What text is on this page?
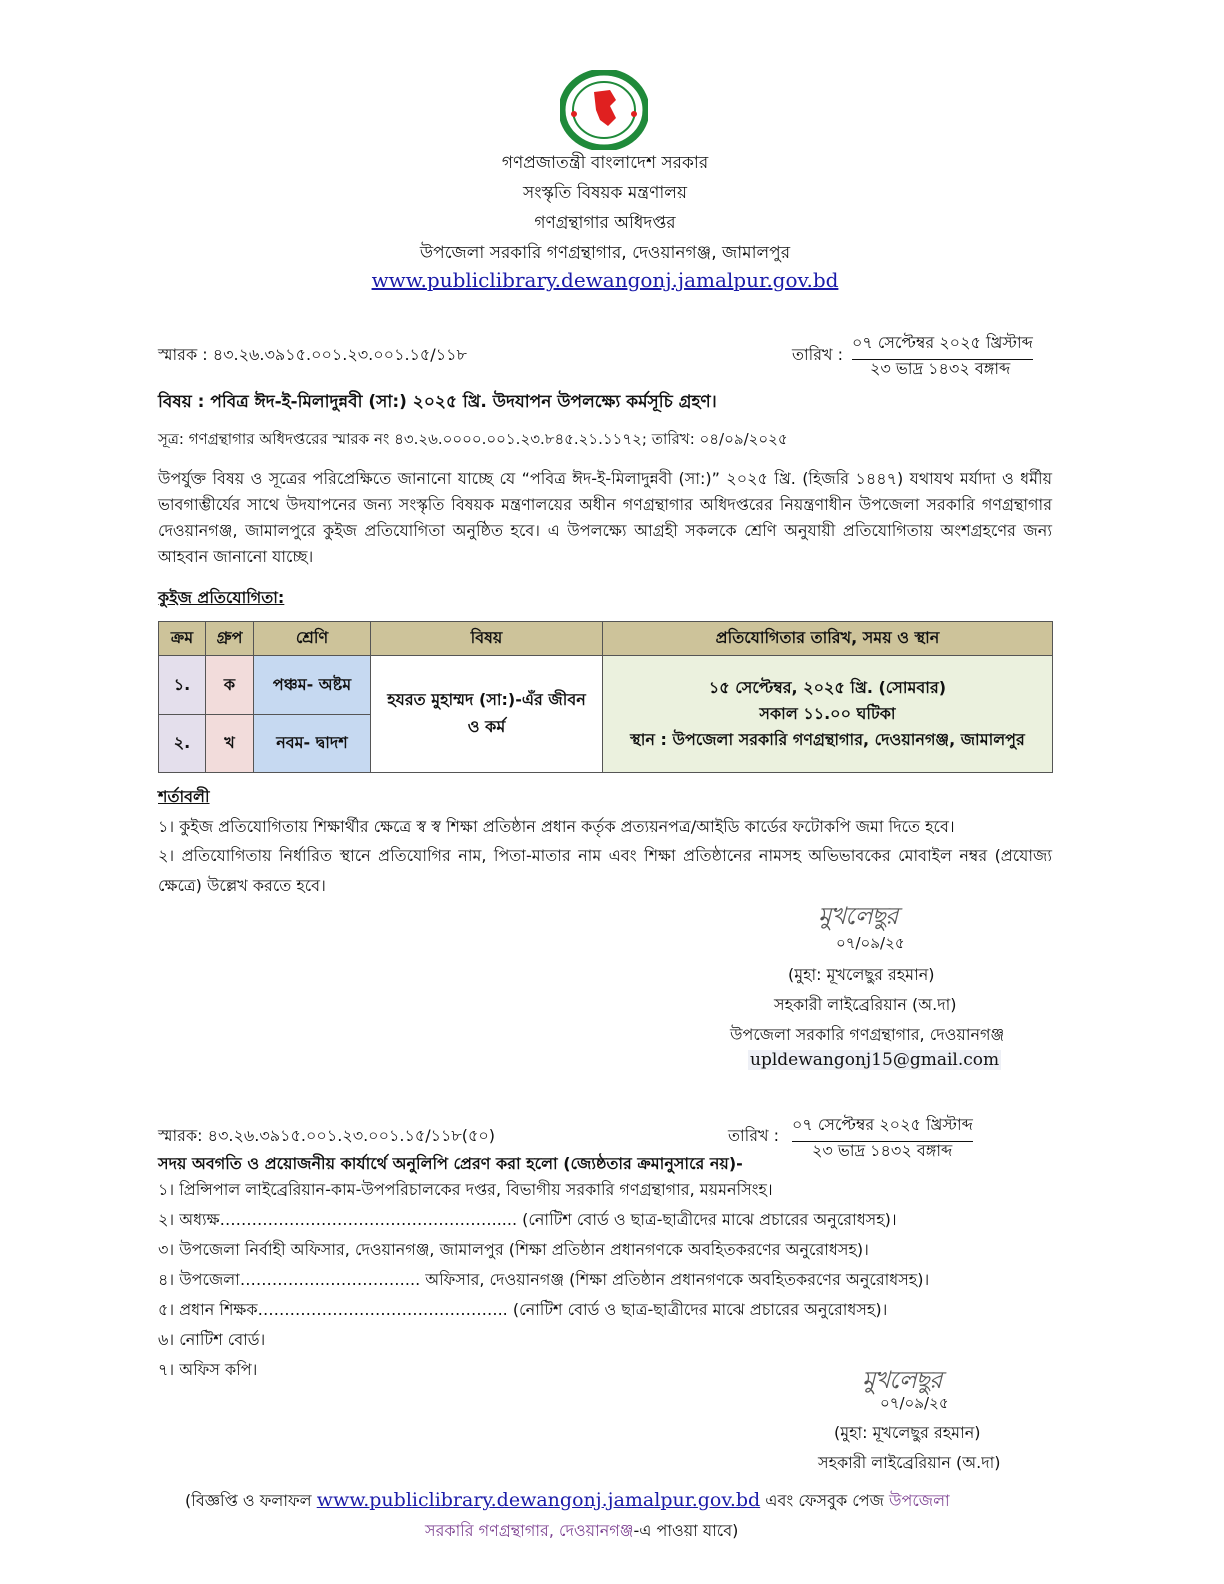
গণপ্রজাতন্ত্রী বাংলাদেশ সরকার
সংস্কৃতি বিষয়ক মন্ত্রণালয়
গণগ্রন্থাগার অধিদপ্তর
উপজেলা সরকারি গণগ্রন্থাগার, দেওয়ানগঞ্জ, জামালপুর
www.publiclibrary.dewangonj.jamalpur.gov.bd
স্মারক : ৪৩.২৬.৩৯১৫.০০১.২৩.০০১.১৫/১১৮	তারিখ :
০৭ সেপ্টেম্বর ২০২৫ খ্রিস্টাব্দ
২৩ ভাদ্র ১৪৩২ বঙ্গাব্দ
বিষয় : পবিত্র ঈদ-ই-মিলাদুন্নবী (সা:) ২০২৫ খ্রি. উদযাপন উপলক্ষ্যে কর্মসূচি গ্রহণ।
সূত্র: গণগ্রন্থাগার অধিদপ্তরের স্মারক নং ৪৩.২৬.০০০০.০০১.২৩.৮৪৫.২১.১১৭২; তারিখ: ০৪/০৯/২০২৫
উপর্যুক্ত বিষয় ও সূত্রের পরিপ্রেক্ষিতে জানানো যাচ্ছে যে “পবিত্র ঈদ-ই-মিলাদুন্নবী (সা:)” ২০২৫ খ্রি. (হিজরি ১৪৪৭) যথাযথ মর্যাদা ও ধর্মীয় ভাবগাম্ভীর্যের সাথে উদযাপনের জন্য সংস্কৃতি বিষয়ক মন্ত্রণালয়ের অধীন গণগ্রন্থাগার অধিদপ্তরের নিয়ন্ত্রণাধীন উপজেলা সরকারি গণগ্রন্থাগার দেওয়ানগঞ্জ, জামালপুরে কুইজ প্রতিযোগিতা অনুষ্ঠিত হবে। এ উপলক্ষ্যে আগ্রহী সকলকে শ্রেণি অনুযায়ী প্রতিযোগিতায় অংশগ্রহণের জন্য আহবান জানানো যাচ্ছে।
কুইজ প্রতিযোগিতা:
ক্রম	গ্রুপ	শ্রেণি	বিষয়	প্রতিযোগিতার তারিখ, সময় ও স্থান
১.	ক	পঞ্চম- অষ্টম	হযরত মুহাম্মদ (সা:)-এঁর জীবন ও কর্ম	১৫ সেপ্টেম্বর, ২০২৫ খ্রি. (সোমবার)
সকাল ১১.০০ ঘটিকা
স্থান : উপজেলা সরকারি গণগ্রন্থাগার, দেওয়ানগঞ্জ, জামালপুর

২.	খ	নবম- দ্বাদশ		
শর্তাবলী
১। কুইজ প্রতিযোগিতায় শিক্ষার্থীর ক্ষেত্রে স্ব স্ব শিক্ষা প্রতিষ্ঠান প্রধান কর্তৃক প্রত্যয়নপত্র/আইডি কার্ডের ফটোকপি জমা দিতে হবে।
২। প্রতিযোগিতায় নির্ধারিত স্থানে প্রতিযোগির নাম, পিতা-মাতার নাম এবং শিক্ষা প্রতিষ্ঠানের নামসহ অভিভাবকের মোবাইল নম্বর (প্রযোজ্য ক্ষেত্রে) উল্লেখ করতে হবে।
মুখলেছুর
০৭/০৯/২৫
(মুহা: মূখলেছুর রহমান)
সহকারী লাইব্রেরিয়ান (অ.দা)
উপজেলা সরকারি গণগ্রন্থাগার, দেওয়ানগঞ্জ
upldewangonj15@gmail.com
স্মারক: ৪৩.২৬.৩৯১৫.০০১.২৩.০০১.১৫/১১৮(৫০)	তারিখ :
০৭ সেপ্টেম্বর ২০২৫ খ্রিস্টাব্দ
২৩ ভাদ্র ১৪৩২ বঙ্গাব্দ
সদয় অবগতি ও প্রয়োজনীয় কার্যার্থে অনুলিপি প্রেরণ করা হলো (জ্যেষ্ঠতার ক্রমানুসারে নয়)-
১। প্রিন্সিপাল লাইব্রেরিয়ান-কাম-উপপরিচালকের দপ্তর, বিভাগীয় সরকারি গণগ্রন্থাগার, ময়মনসিংহ।
২। অধ্যক্ষ……………………………………………..... (নোটিশ বোর্ড ও ছাত্র-ছাত্রীদের মাঝে প্রচারের অনুরোধসহ)।
৩। উপজেলা নির্বাহী অফিসার, দেওয়ানগঞ্জ, জামালপুর (শিক্ষা প্রতিষ্ঠান প্রধানগণকে অবহিতকরণের অনুরোধসহ)।
৪। উপজেলা…………….……………... অফিসার, দেওয়ানগঞ্জ (শিক্ষা প্রতিষ্ঠান প্রধানগণকে অবহিতকরণের অনুরোধসহ)।
৫। প্রধান শিক্ষক……………………………………….. (নোটিশ বোর্ড ও ছাত্র-ছাত্রীদের মাঝে প্রচারের অনুরোধসহ)।
৬। নোটিশ বোর্ড।
৭। অফিস কপি।	মুখলেছুর
০৭/০৯/২৫
(মুহা: মূখলেছুর রহমান)
সহকারী লাইব্রেরিয়ান (অ.দা)
(বিজ্ঞপ্তি ও ফলাফল www.publiclibrary.dewangonj.jamalpur.gov.bd এবং ফেসবুক পেজ উপজেলা
সরকারি গণগ্রন্থাগার, দেওয়ানগঞ্জ-এ পাওয়া যাবে)
